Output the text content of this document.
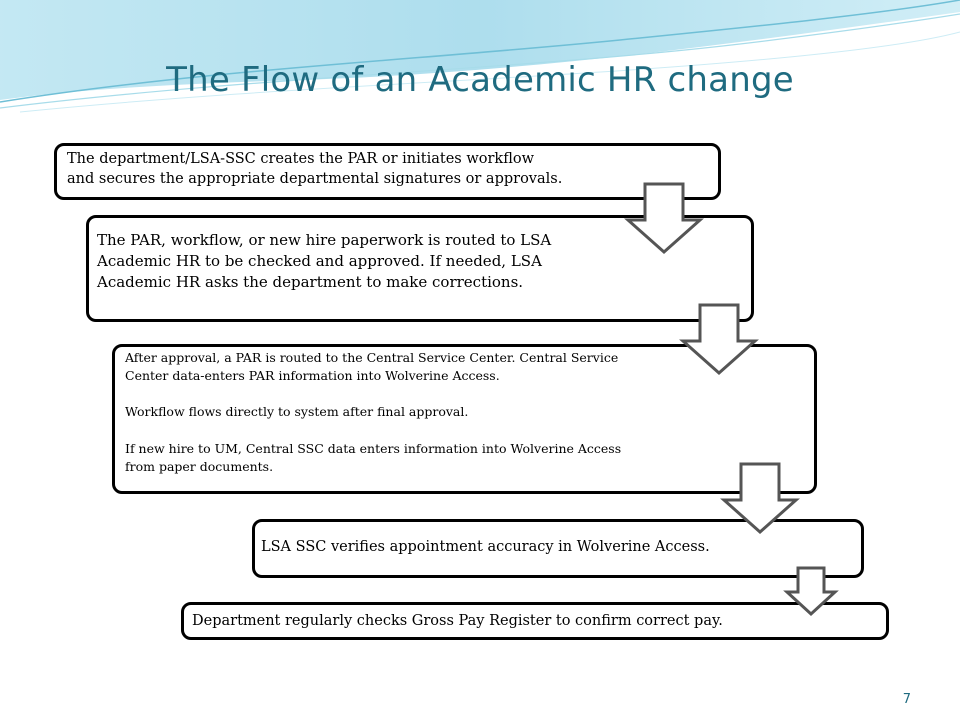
The Flow of an Academic HR change
The department/LSA-SSC creates the PAR or initiates workflow
and secures the appropriate departmental signatures or approvals.
The PAR, workflow, or new hire paperwork is routed to LSA
Academic HR to be checked and approved. If needed, LSA
Academic HR asks the department to make corrections.
After approval, a PAR is routed to the Central Service Center. Central Service
Center data-enters PAR information into Wolverine Access.

Workflow flows directly to system after final approval.

If new hire to UM, Central SSC data enters information into Wolverine Access
from paper documents.
LSA SSC verifies appointment accuracy in Wolverine Access.
Department regularly checks Gross Pay Register to confirm correct pay.
7
